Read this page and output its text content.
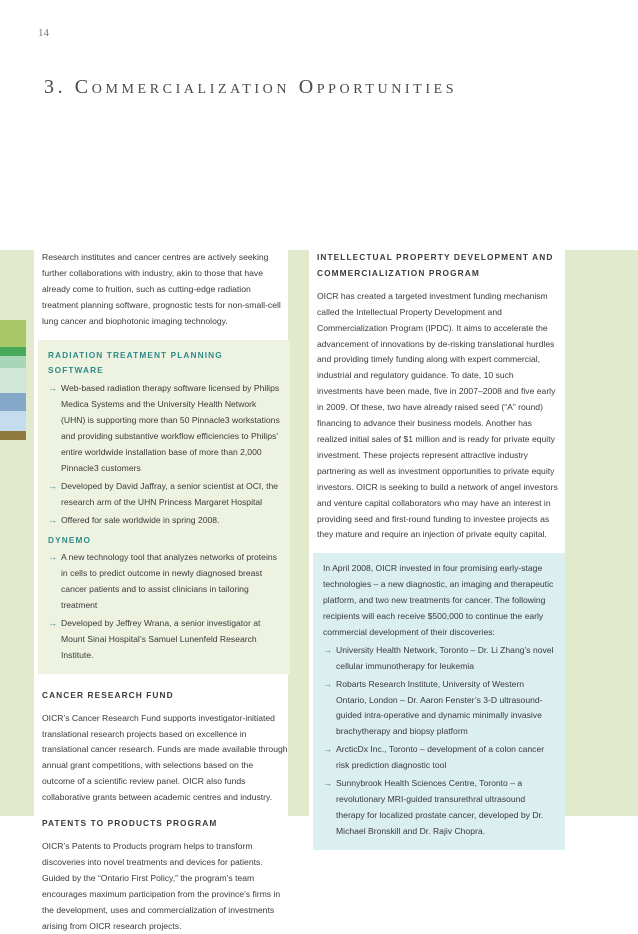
14
3. Commercialization Opportunities

Research institutes and cancer centres are actively seeking further collaborations with industry, akin to those that have already come to fruition, such as cutting-edge radiation treatment planning software, prognostic tests for non-small-cell lung cancer and biophotonic imaging technology.

RADIATION TREATMENT PLANNING SOFTWARE
→ Web-based radiation therapy software licensed by Philips Medica Systems and the University Health Network (UHN) is supporting more than 50 Pinnacle3 workstations and providing substantive workflow efficiencies to Philips’ entire worldwide installation base of more than 2,000 Pinnacle3 customers
→ Developed by David Jaffray, a senior scientist at OCI, the research arm of the UHN Princess Margaret Hospital
→ Offered for sale worldwide in spring 2008.
DYNEMO
→ A new technology tool that analyzes networks of proteins in cells to predict outcome in newly diagnosed breast cancer patients and to assist clinicians in tailoring treatment
→ Developed by Jeffrey Wrana, a senior investigator at Mount Sinai Hospital’s Samuel Lunenfeld Research Institute.
CANCER RESEARCH FUND

OICR’s Cancer Research Fund supports investigator-initiated translational research projects based on excellence in translational cancer research. Funds are made available through annual grant competitions, with selections based on the outcome of a scientific review panel. OICR also funds collaborative grants between academic centres and industry.

PATENTS TO PRODUCTS PROGRAM

OICR’s Patents to Products program helps to transform discoveries into novel treatments and devices for patients. Guided by the “Ontario First Policy,” the program’s team encourages maximum participation from the province’s firms in the development, uses and commercialization of investments arising from OICR research projects.

INTELLECTUAL PROPERTY DEVELOPMENT AND COMMERCIALIZATION PROGRAM

OICR has created a targeted investment funding mechanism called the Intellectual Property Development and Commercialization Program (IPDC). It aims to accelerate the advancement of innovations by de-risking translational hurdles and providing timely funding along with expert commercial, industrial and regulatory guidance. To date, 10 such investments have been made, five in 2007–2008 and five early in 2009. Of these, two have already raised seed (“A” round) financing to advance their business models. Another has realized initial sales of $1 million and is ready for private equity investment. These projects represent attractive industry partnering as well as investment opportunities to private equity investors. OICR is seeking to build a network of angel investors and venture capital collaborators who may have an interest in providing seed and first-round funding to investee projects as they mature and require an injection of private equity capital.

In April 2008, OICR invested in four promising early-stage technologies – a new diagnostic, an imaging and therapeutic platform, and two new treatments for cancer. The following recipients will each receive $500,000 to continue the early commercial development of their discoveries:

→ University Health Network, Toronto – Dr. Li Zhang’s novel cellular immunotherapy for leukemia
→ Robarts Research Institute, University of Western Ontario, London – Dr. Aaron Fenster’s 3-D ultrasound-guided intra-operative and dynamic minimally invasive brachytherapy and biopsy platform
→ ArcticDx Inc., Toronto – development of a colon cancer risk prediction diagnostic tool
→ Sunnybrook Health Sciences Centre, Toronto – a revolutionary MRI-guided transurethral ultrasound therapy for localized prostate cancer, developed by Dr. Michael Bronskill and Dr. Rajiv Chopra.
